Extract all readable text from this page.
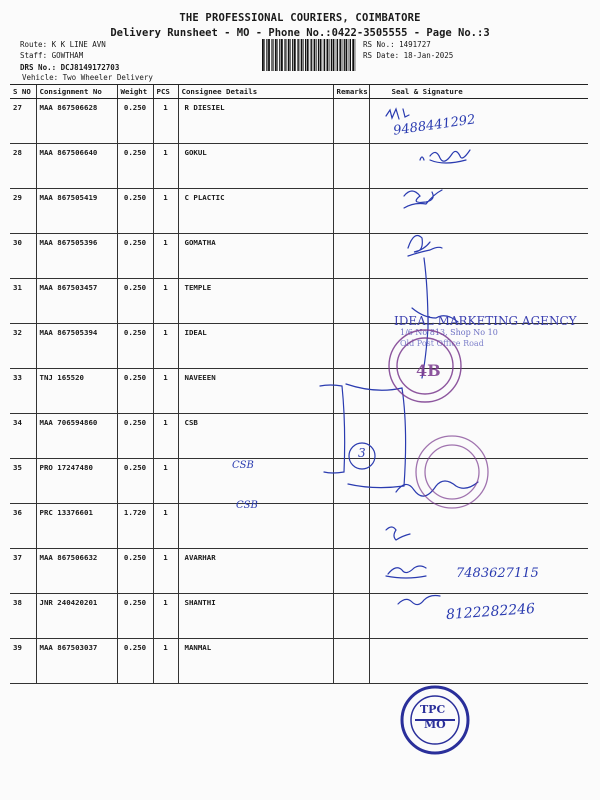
THE PROFESSIONAL COURIERS, COIMBATORE
Delivery Runsheet - MO - Phone No.:0422-3505555 - Page No.:3
Route: K K LINE AVN
Staff: GOWTHAM
DRS No.: DCJ8149172703
Vehicle: Two Wheeler Delivery
RS No.: 1491727
RS Date: 18-Jan-2025
S NO	Consignment No	Weight	PCS	Consignee Details	Remarks	Seal & Signature
27	MAA 867506628	0.250	1	R DIESIEL		
28	MAA 867506640	0.250	1	GOKUL		
29	MAA 867505419	0.250	1	C PLACTIC		
30	MAA 867505396	0.250	1	GOMATHA		
31	MAA 867503457	0.250	1	TEMPLE		
32	MAA 867505394	0.250	1	IDEAL		
33	TNJ 165520	0.250	1	NAVEEEN		
34	MAA 706594860	0.250	1	CSB		
35	PRO 17247480	0.250	1			
36	PRC 13376601	1.720	1			
37	MAA 867506632	0.250	1	AVARHAR		
38	JNR 240420201	0.250	1	SHANTHI		
39	MAA 867503037	0.250	1	MANMAL		
9488441292
CSB
CSB
3
7483627115
8122282246
IDEAL MARKETING AGENCY
1/6 No 813, Shop No 10
Old Post Office Road
4B
TPC
MO
